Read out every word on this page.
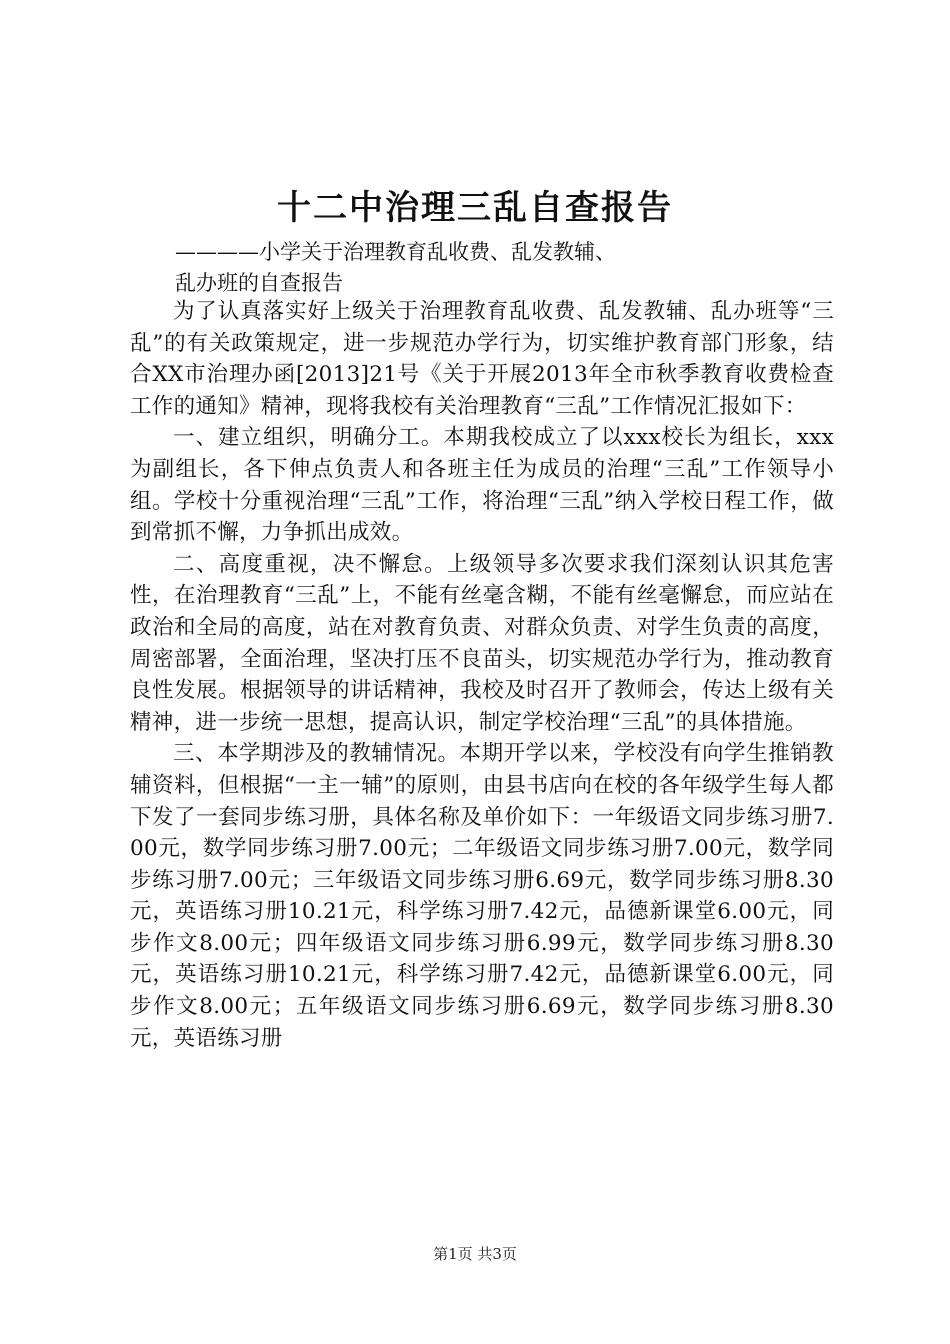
十二中治理三乱自查报告
————小学关于治理教育乱收费、乱发教辅、
乱办班的自查报告

为了认真落实好上级关于治理教育乱收费、乱发教辅、乱办班等“三乱”的有关政策规定，进一步规范办学行为，切实维护教育部门形象，结合XX市治理办函[2013]21号《关于开展2013年全市秋季教育收费检查工作的通知》精神，现将我校有关治理教育“三乱”工作情况汇报如下：

一、建立组织，明确分工。本期我校成立了以xxx校长为组长，xxx为副组长，各下伸点负责人和各班主任为成员的治理“三乱”工作领导小组。学校十分重视治理“三乱”工作，将治理“三乱”纳入学校日程工作，做到常抓不懈，力争抓出成效。

二、高度重视，决不懈怠。上级领导多次要求我们深刻认识其危害性，在治理教育“三乱”上，不能有丝毫含糊，不能有丝毫懈怠，而应站在政治和全局的高度，站在对教育负责、对群众负责、对学生负责的高度，周密部署，全面治理，坚决打压不良苗头，切实规范办学行为，推动教育良性发展。根据领导的讲话精神，我校及时召开了教师会，传达上级有关精神，进一步统一思想，提高认识，制定学校治理“三乱”的具体措施。

三、本学期涉及的教辅情况。本期开学以来，学校没有向学生推销教辅资料，但根据“一主一辅”的原则，由县书店向在校的各年级学生每人都下发了一套同步练习册，具体名称及单价如下：一年级语文同步练习册7.00元，数学同步练习册7.00元；二年级语文同步练习册7.00元，数学同步练习册7.00元；三年级语文同步练习册6.69元，数学同步练习册8.30元，英语练习册10.21元，科学练习册7.42元，品德新课堂6.00元，同步作文8.00元；四年级语文同步练习册6.99元，数学同步练习册8.30元，英语练习册10.21元，科学练习册7.42元，品德新课堂6.00元，同步作文8.00元；五年级语文同步练习册6.69元，数学同步练习册8.30元，英语练习册

第1页 共3页
